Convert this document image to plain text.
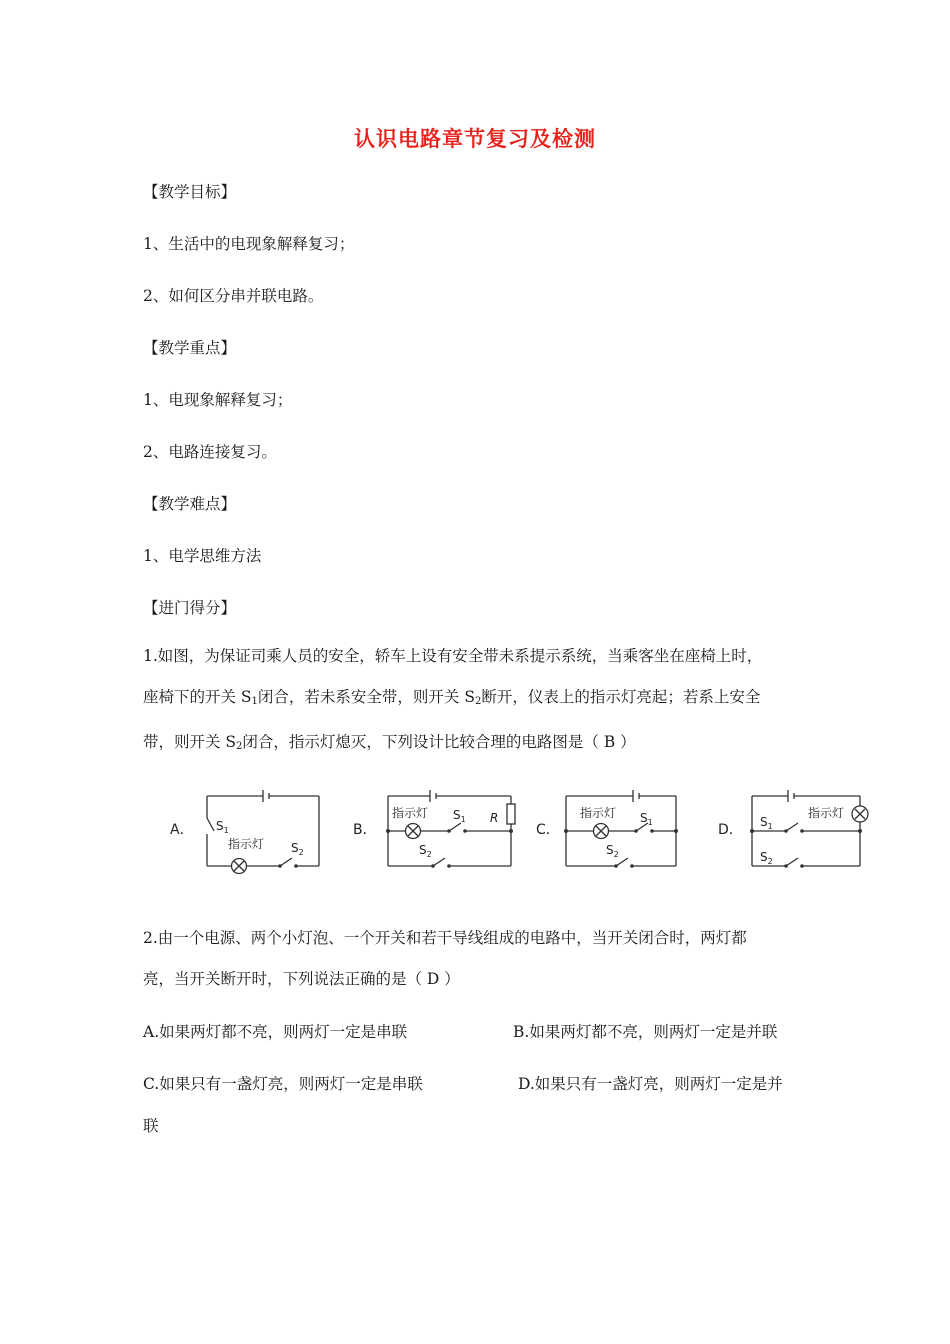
认识电路章节复习及检测
【教学目标】
1、生活中的电现象解释复习；
2、如何区分串并联电路。
【教学重点】
1、电现象解释复习；
2、电路连接复习。
【教学难点】
1、电学思维方法
【进门得分】
1.如图，为保证司乘人员的安全，轿车上设有安全带未系提示系统，当乘客坐在座椅上时，
座椅下的开关 $S_1$闭合，若未系安全带，则开关 $S_2$断开，仪表上的指示灯亮起；若系上安全
带，则开关 $S_2$闭合，指示灯熄灭，下列设计比较合理的电路图是（ B ）
A． $S_1$
指示灯 $S_2$
B．
指示灯 $S_1$ R
$S_2$
C．
指示灯 $S_1$
$S_2$
D．
指示灯
$S_1$
$S_2$
2.由一个电源、两个小灯泡、一个开关和若干导线组成的电路中，当开关闭合时，两灯都
亮，当开关断开时，下列说法正确的是（ D ）
A.如果两灯都不亮，则两灯一定是串联	B.如果两灯都不亮，则两灯一定是并联
C.如果只有一盏灯亮，则两灯一定是串联	D.如果只有一盏灯亮，则两灯一定是并
联
